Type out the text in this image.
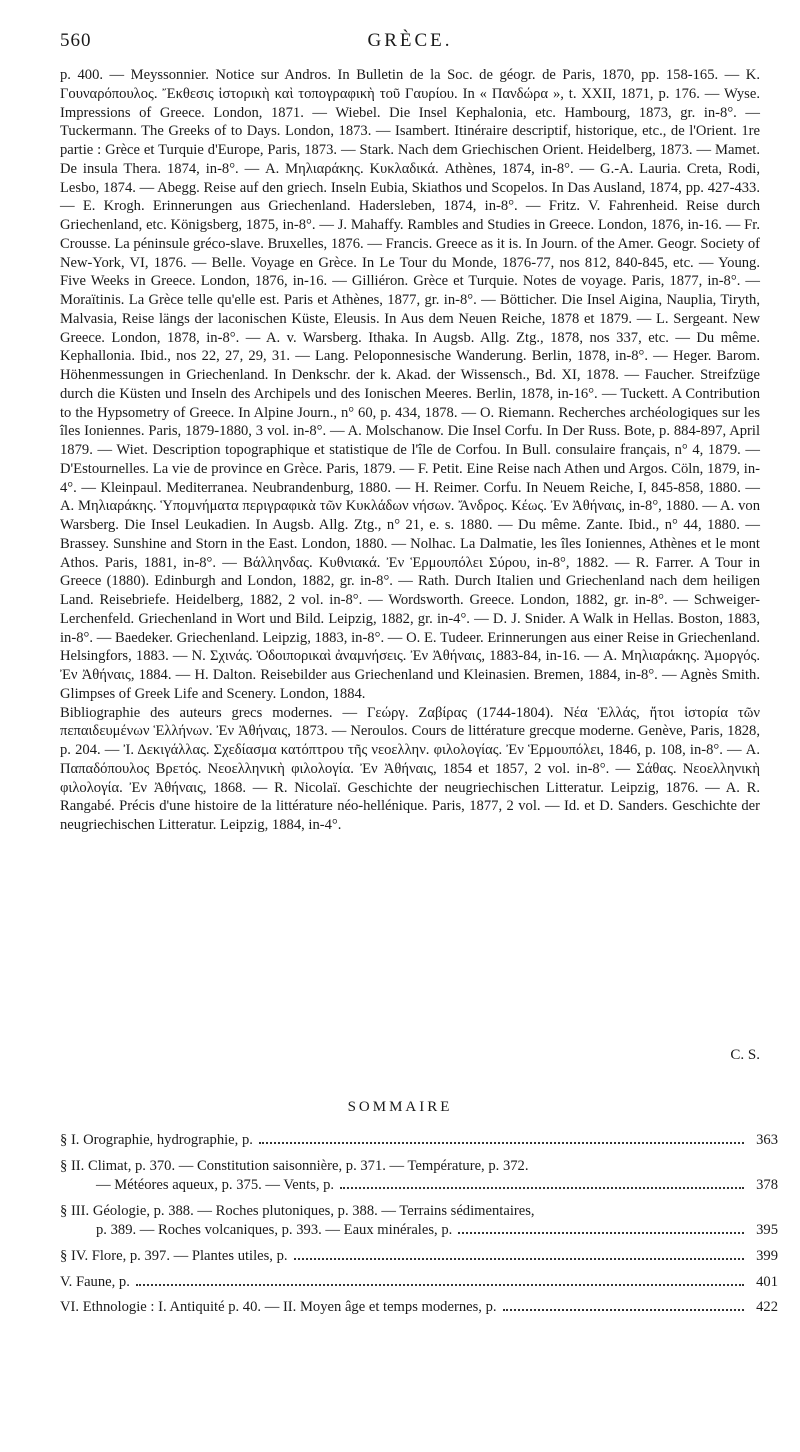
560	GRÈCE.

p. 400. — Meyssonnier. Notice sur Andros. In Bulletin de la Soc. de géogr. de Paris, 1870, pp. 158-165. — K. Γουναρόπουλος. Ἔκθεσις ἱστορικὴ καὶ τοπογραφικὴ τοῦ Γαυρίου. In « Πανδώρα », t. XXII, 1871, p. 176. — Wyse. Impressions of Greece. London, 1871. — Wiebel. Die Insel Kephalonia, etc. Hambourg, 1873, gr. in-8°. — Tuckermann. The Greeks of to Days. London, 1873. — Isambert. Itinéraire descriptif, historique, etc., de l'Orient. 1re partie : Grèce et Turquie d'Europe, Paris, 1873. — Stark. Nach dem Griechischen Orient. Heidelberg, 1873. — Mamet. De insula Thera. 1874, in-8°. — Α. Μηλιαράκης. Κυκλαδικά. Athènes, 1874, in-8°. — G.-A. Lauria. Creta, Rodi, Lesbo, 1874. — Abegg. Reise auf den griech. Inseln Eubia, Skiathos und Scopelos. In Das Ausland, 1874, pp. 427-433. — E. Krogh. Erinnerungen aus Griechenland. Hadersleben, 1874, in-8°. — Fritz. V. Fahrenheid. Reise durch Griechenland, etc. Königsberg, 1875, in-8°. — J. Mahaffy. Rambles and Studies in Greece. London, 1876, in-16. — Fr. Crousse. La péninsule gréco-slave. Bruxelles, 1876. — Francis. Greece as it is. In Journ. of the Amer. Geogr. Society of New-York, VI, 1876. — Belle. Voyage en Grèce. In Le Tour du Monde, 1876-77, nos 812, 840-845, etc. — Young. Five Weeks in Greece. London, 1876, in-16. — Gilliéron. Grèce et Turquie. Notes de voyage. Paris, 1877, in-8°. — Moraïtinis. La Grèce telle qu'elle est. Paris et Athènes, 1877, gr. in-8°. — Bötticher. Die Insel Aigina, Nauplia, Tiryth, Malvasia, Reise längs der laconischen Küste, Eleusis. In Aus dem Neuen Reiche, 1878 et 1879. — L. Sergeant. New Greece. London, 1878, in-8°. — A. v. Warsberg. Ithaka. In Augsb. Allg. Ztg., 1878, nos 337, etc. — Du même. Kephallonia. Ibid., nos 22, 27, 29, 31. — Lang. Peloponnesische Wanderung. Berlin, 1878, in-8°. — Heger. Barom. Höhenmessungen in Griechenland. In Denkschr. der k. Akad. der Wissensch., Bd. XI, 1878. — Faucher. Streifzüge durch die Küsten und Inseln des Archipels und des Ionischen Meeres. Berlin, 1878, in-16°. — Tuckett. A Contribution to the Hypsometry of Greece. In Alpine Journ., n° 60, p. 434, 1878. — O. Riemann. Recherches archéologiques sur les îles Ioniennes. Paris, 1879-1880, 3 vol. in-8°. — A. Molschanow. Die Insel Corfu. In Der Russ. Bote, p. 884-897, April 1879. — Wiet. Description topographique et statistique de l'île de Corfou. In Bull. consulaire français, n° 4, 1879. — D'Estournelles. La vie de province en Grèce. Paris, 1879. — F. Petit. Eine Reise nach Athen und Argos. Cöln, 1879, in-4°. — Kleinpaul. Mediterranea. Neubrandenburg, 1880. — H. Reimer. Corfu. In Neuem Reiche, I, 845-858, 1880. — A. Μηλιαράκης. Ὑπομνήματα περιγραφικὰ τῶν Κυκλάδων νήσων. Ἄνδρος. Κέως. Ἐν Ἀθήναις, in-8°, 1880. — A. von Warsberg. Die Insel Leukadien. In Augsb. Allg. Ztg., n° 21, e. s. 1880. — Du même. Zante. Ibid., n° 44, 1880. — Brassey. Sunshine and Storn in the East. London, 1880. — Nolhac. La Dalmatie, les îles Ioniennes, Athènes et le mont Athos. Paris, 1881, in-8°. — Βάλληνδας. Κυθνιακά. Ἐν Ἑρμουπόλει Σύρου, in-8°, 1882. — R. Farrer. A Tour in Greece (1880). Edinburgh and London, 1882, gr. in-8°. — Rath. Durch Italien und Griechenland nach dem heiligen Land. Reisebriefe. Heidelberg, 1882, 2 vol. in-8°. — Wordsworth. Greece. London, 1882, gr. in-8°. — Schweiger-Lerchenfeld. Griechenland in Wort und Bild. Leipzig, 1882, gr. in-4°. — D. J. Snider. A Walk in Hellas. Boston, 1883, in-8°. — Baedeker. Griechenland. Leipzig, 1883, in-8°. — O. E. Tudeer. Erinnerungen aus einer Reise in Griechenland. Helsingfors, 1883. — Ν. Σχινάς. Ὁδοιπορικαὶ ἀναμνήσεις. Ἐν Ἀθήναις, 1883-84, in-16. — Α. Μηλιαράκης. Ἀμοργός. Ἐν Ἀθήναις, 1884. — H. Dalton. Reisebilder aus Griechenland und Kleinasien. Bremen, 1884, in-8°. — Agnès Smith. Glimpses of Greek Life and Scenery. London, 1884.

Bibliographie des auteurs grecs modernes. — Γεώργ. Ζαβίρας (1744-1804). Νέα Ἑλλάς, ἤτοι ἱστορία τῶν πεπαιδευμένων Ἑλλήνων. Ἐν Ἀθήναις, 1873. — Neroulos. Cours de littérature grecque moderne. Genève, Paris, 1828, p. 204. — Ἰ. Δεκιγάλλας. Σχεδίασμα κατόπτρου τῆς νεοελλην. φιλολογίας. Ἐν Ἑρμουπόλει, 1846, p. 108, in-8°. — Α. Παπαδόπουλος Βρετός. Νεοελληνικὴ φιλολογία. Ἐν Ἀθήναις, 1854 et 1857, 2 vol. in-8°. — Σάθας. Νεοελληνικὴ φιλολογία. Ἐν Ἀθήναις, 1868. — R. Nicolaï. Geschichte der neugriechischen Litteratur. Leipzig, 1876. — A. R. Rangabé. Précis d'une histoire de la littérature néo-hellénique. Paris, 1877, 2 vol. — Id. et D. Sanders. Geschichte der neugriechischen Litteratur. Leipzig, 1884, in-4°.

C. S.
SOMMAIRE
§ I. Orographie, hydrographie, p.	363
§ II. Climat, p. 370. — Constitution saisonnière, p. 371. — Température, p. 372.
— Météores aqueux, p. 375. — Vents, p.	378
§ III. Géologie, p. 388. — Roches plutoniques, p. 388. — Terrains sédimentaires,
p. 389. — Roches volcaniques, p. 393. — Eaux minérales, p.	395
§ IV. Flore, p. 397. — Plantes utiles, p.	399
V. Faune, p.	401
VI. Ethnologie : I. Antiquité p. 40. — II. Moyen âge et temps modernes, p.	422
